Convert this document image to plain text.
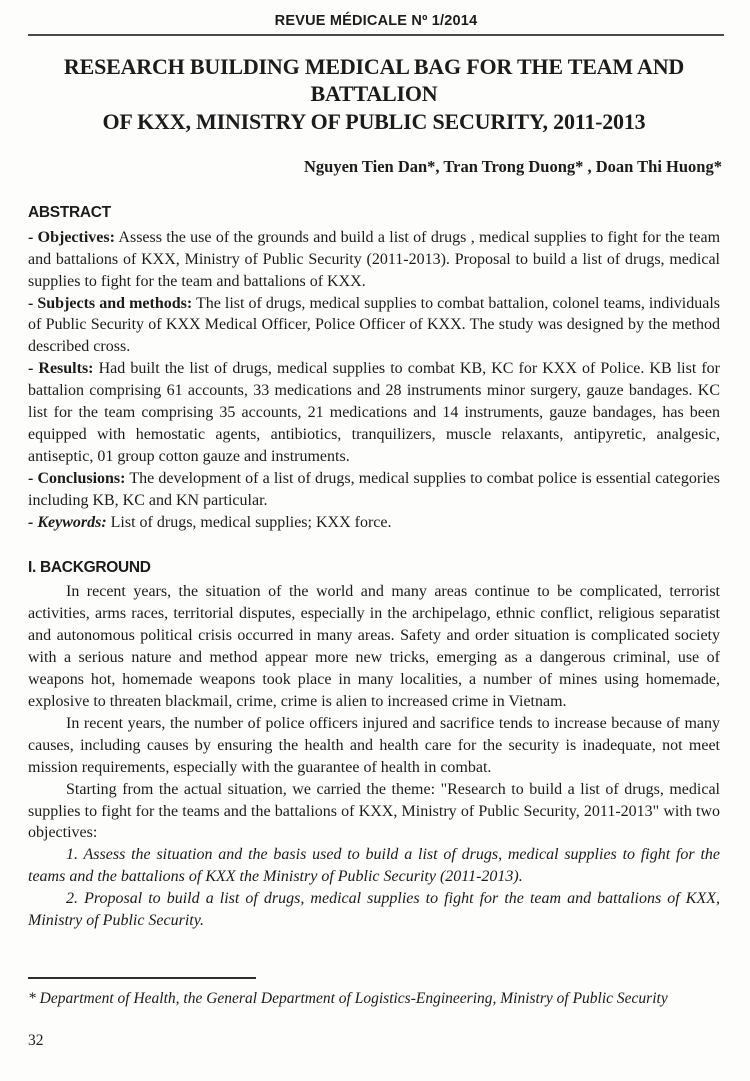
REVUE MÉDICALE Nº 1/2014
RESEARCH BUILDING MEDICAL BAG FOR THE TEAM AND BATTALION
OF KXX, MINISTRY OF PUBLIC SECURITY, 2011-2013
Nguyen Tien Dan*, Tran Trong Duong* , Doan Thi Huong*
ABSTRACT

- Objectives: Assess the use of the grounds and build a list of drugs , medical supplies to fight for the team and battalions of KXX, Ministry of Public Security (2011-2013). Proposal to build a list of drugs, medical supplies to fight for the team and battalions of KXX.

- Subjects and methods: The list of drugs, medical supplies to combat battalion, colonel teams, individuals of Public Security of KXX Medical Officer, Police Officer of KXX. The study was designed by the method described cross.

- Results: Had built the list of drugs, medical supplies to combat KB, KC for KXX of Police. KB list for battalion comprising 61 accounts, 33 medications and 28 instruments minor surgery, gauze bandages. KC list for the team comprising 35 accounts, 21 medications and 14 instruments, gauze bandages, has been equipped with hemostatic agents, antibiotics, tranquilizers, muscle relaxants, antipyretic, analgesic, antiseptic, 01 group cotton gauze and instruments.

- Conclusions: The development of a list of drugs, medical supplies to combat police is essential categories including KB, KC and KN particular.

- Keywords: List of drugs, medical supplies; KXX force.

I. BACKGROUND

In recent years, the situation of the world and many areas continue to be complicated, terrorist activities, arms races, territorial disputes, especially in the archipelago, ethnic conflict, religious separatist and autonomous political crisis occurred in many areas. Safety and order situation is complicated society with a serious nature and method appear more new tricks, emerging as a dangerous criminal, use of weapons hot, homemade weapons took place in many localities, a number of mines using homemade, explosive to threaten blackmail, crime, crime is alien to increased crime in Vietnam.

In recent years, the number of police officers injured and sacrifice tends to increase because of many causes, including causes by ensuring the health and health care for the security is inadequate, not meet mission requirements, especially with the guarantee of health in combat.

Starting from the actual situation, we carried the theme: "Research to build a list of drugs, medical supplies to fight for the teams and the battalions of KXX, Ministry of Public Security, 2011-2013" with two objectives:

1. Assess the situation and the basis used to build a list of drugs, medical supplies to fight for the teams and the battalions of KXX the Ministry of Public Security (2011-2013).

2. Proposal to build a list of drugs, medical supplies to fight for the team and battalions of KXX, Ministry of Public Security.

* Department of Health, the General Department of Logistics-Engineering, Ministry of Public Security

32
